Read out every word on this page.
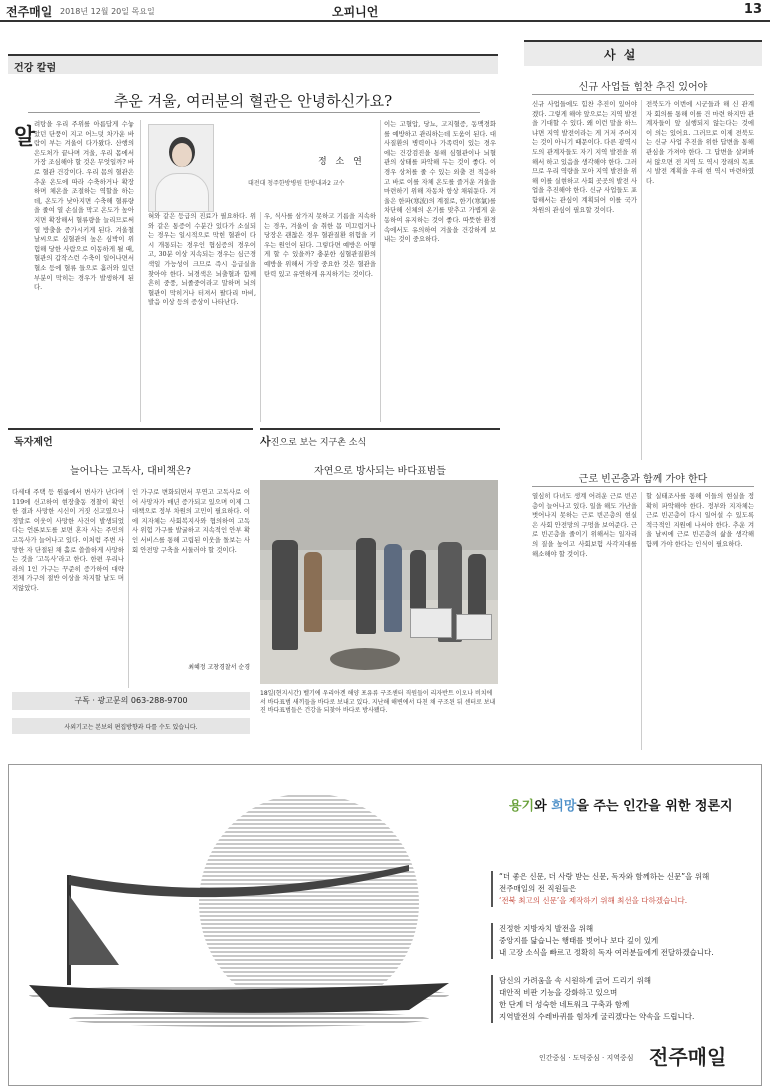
전주매일 2018년 12월 20일 목요일	오피니언	13
건강 칼럼
추운 겨울, 여러분의 혈관은 안녕하신가요?
알
려탕을 우리 주위를 아름답게 수놓았던 단풍이 지고 어느덧 차가운 바람이 부는 겨울이 다가왔다. 산행의 은도처가 끝나며 겨울, 우리 몸에서 가장 조심해야 할 것은 무엇일까? 바로 혈관 건강이다. 우리 몸의 혈관은 추운 온도에 따라 수축하거나 확장하며 체온을 조절하는 역할을 하는데, 온도가 낮아지면 수축해 혈류량을 줄여 열 손실을 막고 온도가 높아지면 확장해서 혈류량을 늘리므로써 열 방출을 증가시키게 된다. 겨울철 날씨으로 심혈관의 높은 심박이 위험해 당한 사람으로 이동하게 될 때, 혈관의 갑작스런 수축이 일어나면서 혈소 등에 혈류 들으로 흘러와 있던 부분이 막히는 경우가 발생하게 된다.
정 소 연
대전대 청주한방병원 한방내과2 교수
혀와 같은 등급의 진료가 필요하다. 위와 같은 통증이 수분간 있다가 소실되는 경우는 일시적으로 막힌 혈관이 다시 개통되는 경우인 협심증의 경우이고, 30분 이상 지속되는 경우는 심근경색일 가능성이 크므로 즉시 응급실을 찾아야 한다. 뇌경색은 뇌출혈과 함께 흔히 중풍, 뇌졸중이라고 말하며 뇌의 혈관이 막히거나 터져서 팔다리 마비, 발음 이상 등의 증상이 나타난다.
우, 식사를 삼가지 못하고 기름을 지속하는 경우, 겨울이 술 취한 몸 미끄럽거나 당장은 괜찮은 경우 혈관질환 위험을 키우는 원인이 된다. 그렇다면 예방은 어떻게 할 수 있을까? 충분한 심혈관질환의 예방을 위해서 가장 중요한 것은 혈관을 탄력 있고 유연하게 유지하기는 것이다.
이는 고혈압, 당뇨, 고지혈증, 동맥경화를 예방하고 관리하는데 도움이 된다. 대사질환의 병력이나 가족력이 있는 경우에는 건강검진을 통해 심혈관이나 뇌혈관의 상태를 파악해 두는 것이 좋다. 이 경우 상처를 줄 수 있는 외출 전 적응하고 바로 이를 자체 온도를 즐거운 겨울을 마련하기 위해 자동차 항상 채워둔다. 겨울은 한파(寒波)의 계절로, 한기(寒氣)를 차단해 신체의 온기를 맞추고 가볍게 운동하여 유지하는 것이 좋다. 따뜻한 환경 속에서도 유의하여 겨울을 건강하게 보내는 것이 중요하다.
독자제언
늘어나는 고독사, 대비책은?
다세대 주택 등 원룸에서 변사가 난다며 119에 신고하여 현장출동 경찰이 확인한 결과 사망한 시신이 거짓 신고였으나 정말로 이웃이 사망한 사건이 발생되었다는 언론보도를 보면 혼자 사는 주민의 고독사가 늘어나고 있다. 이처럼 주변 사망한 자 단절된 채 홀로 쓸쓸하게 사망하는 것을 ‘고독사’라고 한다. 한편 우리나라의 1인 가구는 꾸준히 증가하여 대략 전체 가구의 절반 이상을 차지할 날도 머지않았다.
인 가구로 변화되면서 무연고 고독사로 이어 사망자가 매년 증가되고 있으며 이제 그 대책으로 정부 차원의 고민이 필요하다. 이에 지자체는 사회복지사와 협의하여 고독사 위험 가구를 발굴하고 지속적인 안부 확인 서비스를 통해 고립된 이웃을 돌보는 사회 안전망 구축을 서둘러야 할 것이다.
최혜정 고창경찰서 순경
구독 · 광고문의 063-288-9700
사외기고는 본보의 편집방향과 다를 수도 있습니다.
사진으로 보는 지구촌 소식
자연으로 방사되는 바다표범들
18일(현지시간) 벨기에 우리아겐 해양 포유류 구조센터 직원들이 리자반트 이오나 비치에서 바다표범 새끼들을 바다로 보내고 있다. 지난해 해변에서 다친 채 구조된 뒤 센터로 보내진 바다표범들은 건강을 되찾아 바다로 방사됐다.
사 설
신규 사업들 힘찬 추진 있어야
신규 사업들에도 힘찬 추진이 있어야겠다. 그렇게 해야 앞으로는 지역 발전을 기대할 수 있다. 왜 이런 말을 하느냐면 지역 발전이라는 게 거저 주어지는 것이 아니기 때문이다. 다른 광역시도의 관계자들도 자기 지역 발전을 위해서 하고 있음을 생각해야 한다. 그러므로 우리 역량을 모아 지역 발전을 위해 이를 실현하고 사회 곳곳의 발전 사업을 추진해야 한다. 신규 사업들도 포함해서는 관심이 계획되어 이를 국가 차원의 관심이 필요할 것이다.
전북도가 이번에 시군들과 해 신 관계자 회의를 통해 이를 건 마련 하지만 관계자들이 앞 실행되지 않는다는 것에 이 의는 있어요. 그러므로 이제 전북도는 신규 사업 추진을 위한 답변을 통해 관심을 가져야 한다. 그 답변을 살펴봐서 않으면 전 지역 도 역시 장래의 목표 시 발전 계획을 우리 현 역시 마련하였다.
근로 빈곤층과 함께 가야 한다
열심히 다녀도 생계 어려운 근로 빈곤층이 늘어나고 있다. 일을 해도 가난을 벗어나지 못하는 근로 빈곤층의 현실은 사회 안전망의 구멍을 보여준다. 근로 빈곤층을 줄이기 위해서는 일자리의 질을 높이고 사회보험 사각지대를 해소해야 할 것이다.
할 실태조사를 통해 이들의 현실을 정확히 파악해야 한다. 정부와 지자체는 근로 빈곤층이 다시 일어설 수 있도록 적극적인 지원에 나서야 한다. 추운 겨울 날씨에 근로 빈곤층의 삶을 생각해 함께 가야 한다는 인식이 필요하다.
용기와 희망을 주는 인간을 위한 정론지
“더 좋은 신문, 더 사랑 받는 신문, 독자와 함께하는 신문”을 위해
전주매일의 전 직원들은
‘전북 최고의 신문’을 제작하기 위해 최선을 다하겠습니다.
진정한 지방자치 발전을 위해
중앙지를 닮습니는 행태를 벗어나 보다 깊이 있게
내 고장 소식을 빠르고 정확히 독자 여러분들에게 전달하겠습니다.
담신의 가려움을 속 시원하게 긁어 드리기 위해
대안적 비판 기능을 강화하고 있으며
한 단계 더 성숙한 네트워크 구축과 함께
지역발전의 수레바퀴를 힘차게 굴리겠다는 약속을 드립니다.
인간중심 · 도덕중심 · 지역중심 전주매일
